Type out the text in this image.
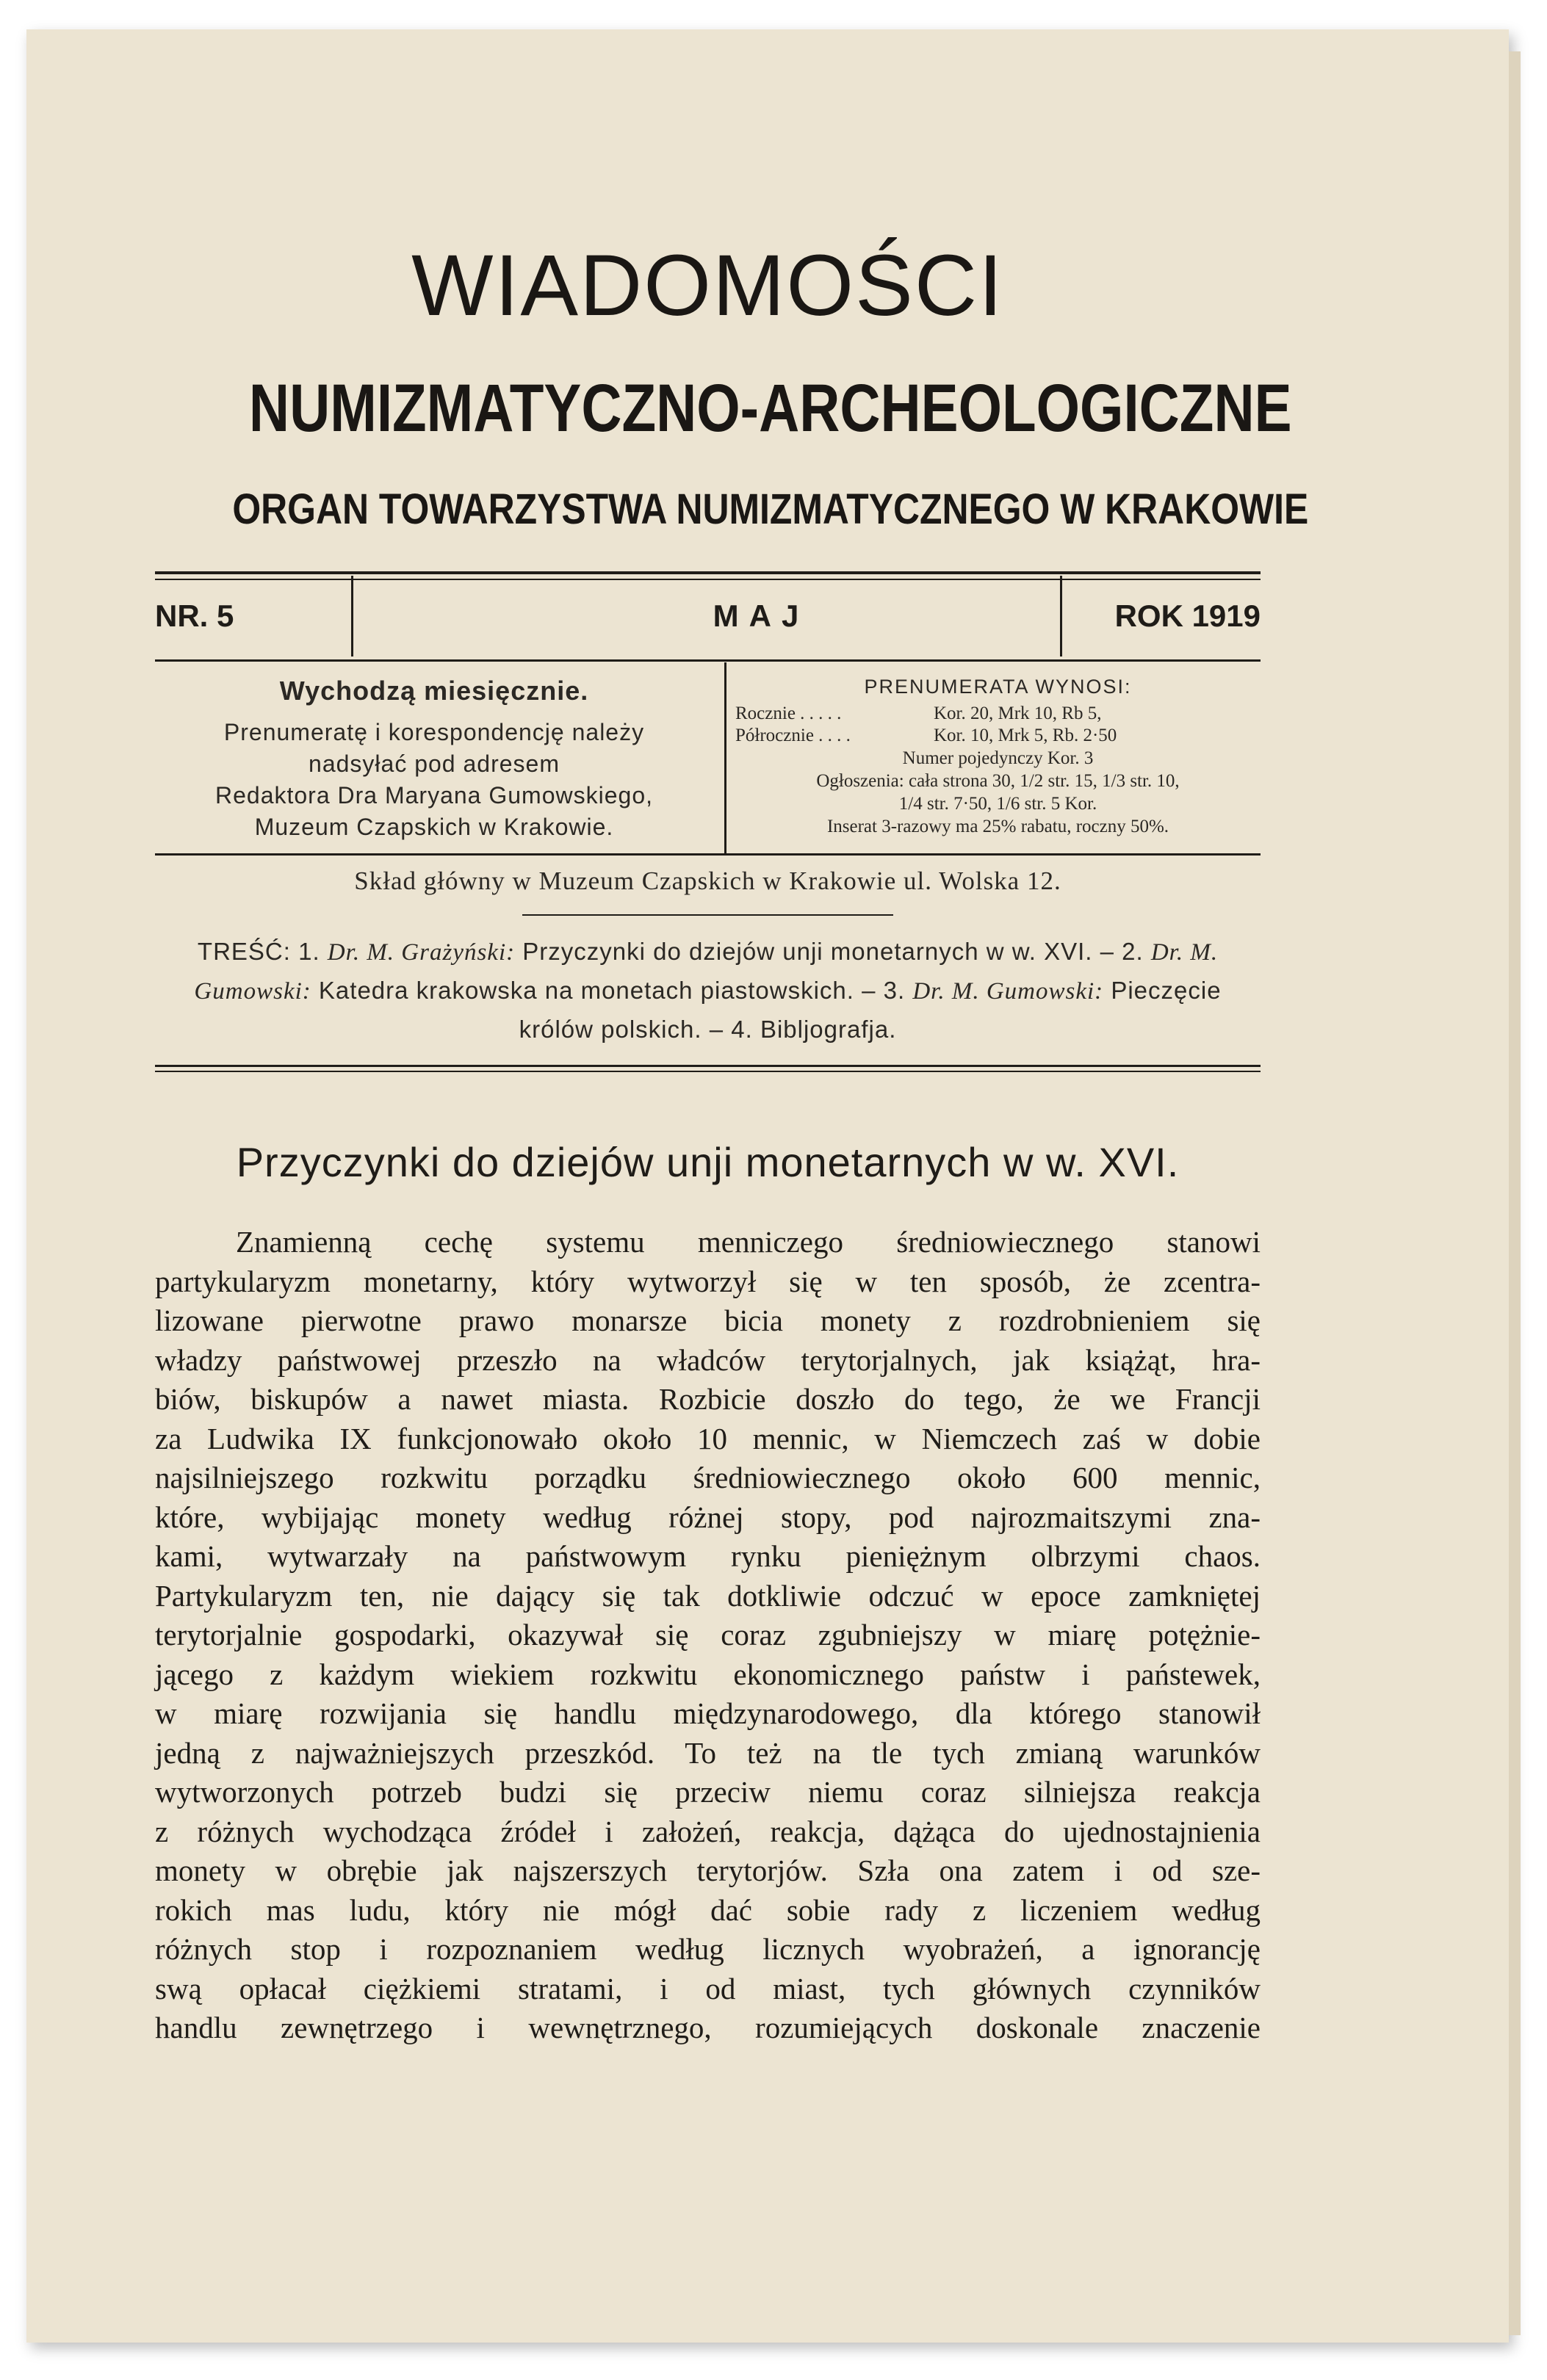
WIADOMOŚCI
NUMIZMATYCZNO-ARCHEOLOGICZNE
ORGAN TOWARZYSTWA NUMIZMATYCZNEGO W KRAKOWIE
NR. 5	MAJ	ROK 1919
Wychodzą miesięcznie.
Prenumeratę i korespondencję należy
nadsyłać pod adresem
Redaktora Dra Maryana Gumowskiego,
Muzeum Czapskich w Krakowie.
PRENUMERATA WYNOSI:
Rocznie . . . . .	Kor. 20, Mrk 10, Rb 5,
Półrocznie . . . .	Kor. 10, Mrk 5, Rb. 2·50
Numer pojedynczy Kor. 3
Ogłoszenia: cała strona 30, 1/2 str. 15, 1/3 str. 10,
1/4 str. 7·50, 1/6 str. 5 Kor.
Inserat 3-razowy ma 25% rabatu, roczny 50%.
Skład główny w Muzeum Czapskich w Krakowie ul. Wolska 12.
TREŚĆ: 1. Dr. M. Grażyński: Przyczynki do dziejów unji monetarnych w w. XVI. – 2. Dr. M. Gumowski: Katedra krakowska na monetach piastowskich. – 3. Dr. M. Gumowski: Pieczęcie królów polskich. – 4. Bibljografja.
Przyczynki do dziejów unji monetarnych w w. XVI.
Znamienną cechę systemu menniczego średniowiecznego stanowi
partykularyzm monetarny, który wytworzył się w ten sposób, że zcentra-
lizowane pierwotne prawo monarsze bicia monety z rozdrobnieniem się
władzy państwowej przeszło na władców terytorjalnych, jak książąt, hra-
biów, biskupów a nawet miasta. Rozbicie doszło do tego, że we Francji
za Ludwika IX funkcjonowało około 10 mennic, w Niemczech zaś w dobie
najsilniejszego rozkwitu porządku średniowiecznego około 600 mennic,
które, wybijając monety według różnej stopy, pod najrozmaitszymi zna-
kami, wytwarzały na państwowym rynku pieniężnym olbrzymi chaos.
Partykularyzm ten, nie dający się tak dotkliwie odczuć w epoce zamkniętej
terytorjalnie gospodarki, okazywał się coraz zgubniejszy w miarę potężnie-
jącego z każdym wiekiem rozkwitu ekonomicznego państw i państewek,
w miarę rozwijania się handlu międzynarodowego, dla którego stanowił
jedną z najważniejszych przeszkód. To też na tle tych zmianą warunków
wytworzonych potrzeb budzi się przeciw niemu coraz silniejsza reakcja
z różnych wychodząca źródeł i założeń, reakcja, dążąca do ujednostajnienia
monety w obrębie jak najszerszych terytorjów. Szła ona zatem i od sze-
rokich mas ludu, który nie mógł dać sobie rady z liczeniem według
różnych stop i rozpoznaniem według licznych wyobrażeń, a ignorancję
swą opłacał ciężkiemi stratami, i od miast, tych głównych czynników
handlu zewnętrzego i wewnętrznego, rozumiejących doskonale znaczenie
